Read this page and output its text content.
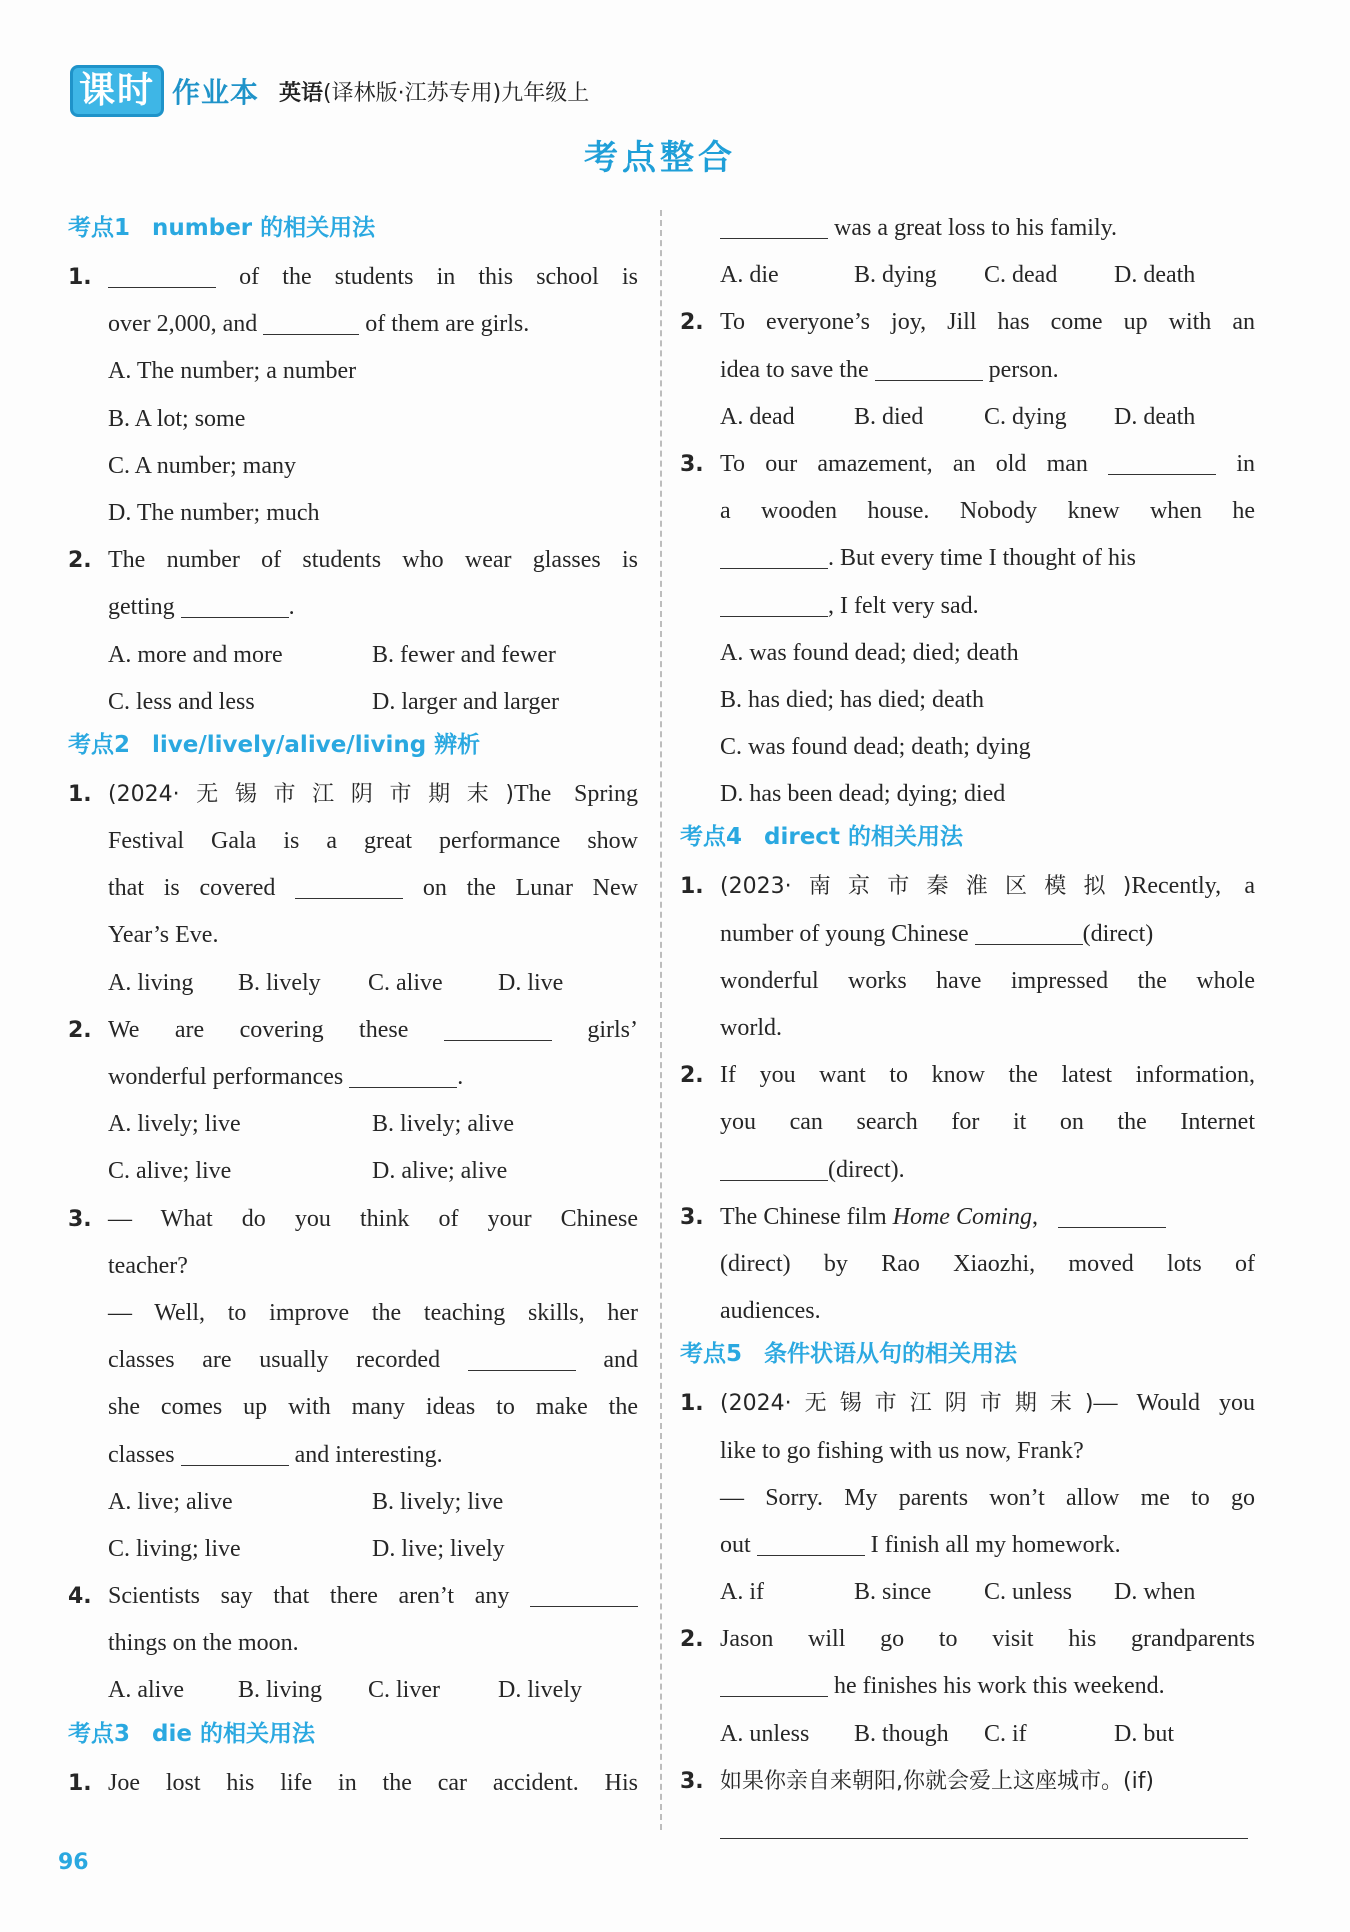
课时 作业本 英语(译林版·江苏专用)九年级上
考点整合
考点1 number 的相关用法
1.	of the students in this school is
over 2,000, and	of them are girls.
A. The number; a number
B. A lot; some
C. A number; many
D. The number; much
2. The number of students who wear glasses is
getting	.
A. more and more	B. fewer and fewer
C. less and less	D. larger and larger
考点2 live/lively/alive/living 辨析
1. (2024·无锡市江阴市期末)The Spring
Festival Gala is a great performance show
that is covered	on the Lunar New
Year’s Eve.
A. living	B. lively	C. alive	D. live
2. We are covering these	girls’
wonderful performances	.
A. lively; live	B. lively; alive
C. alive; live	D. alive; alive
3. — What do you think of your Chinese
teacher?
— Well, to improve the teaching skills, her
classes are usually recorded	and
she comes up with many ideas to make the
classes	and interesting.
A. live; alive	B. lively; live
C. living; live	D. live; lively
4. Scientists say that there aren’t any
things on the moon.
A. alive	B. living	C. liver	D. lively
考点3 die 的相关用法
1. Joe lost his life in the car accident. His
was a great loss to his family.
A. die	B. dying	C. dead	D. death
2. To everyone’s joy, Jill has come up with an
idea to save the	person.
A. dead	B. died	C. dying	D. death
3. To our amazement, an old man	in
a wooden house. Nobody knew when he
. But every time I thought of his
, I felt very sad.
A. was found dead; died; death
B. has died; has died; death
C. was found dead; death; dying
D. has been dead; dying; died
考点4 direct 的相关用法
1. (2023·南京市秦淮区模拟)Recently, a
number of young Chinese	(direct)
wonderful works have impressed the whole
world.
2. If you want to know the latest information,
you can search for it on the Internet
(direct).
3. The Chinese film Home Coming,
(direct) by Rao Xiaozhi, moved lots of
audiences.
考点5 条件状语从句的相关用法
1. (2024·无锡市江阴市期末)— Would you
like to go fishing with us now, Frank?
— Sorry. My parents won’t allow me to go
out	I finish all my homework.
A. if	B. since	C. unless	D. when
2. Jason will go to visit his grandparents
he finishes his work this weekend.
A. unless	B. though	C. if	D. but
3. 如果你亲自来朝阳,你就会爱上这座城市。(if)
96
